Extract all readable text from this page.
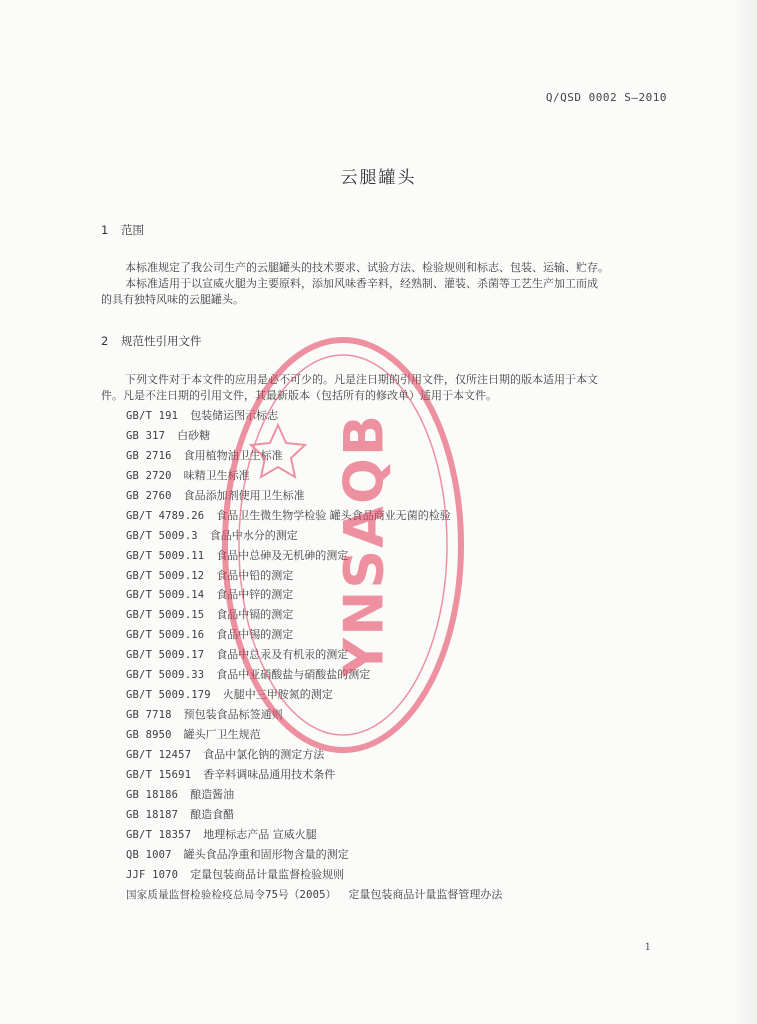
Q/QSD 0002 S—2010
云腿罐头
1 范围
本标准规定了我公司生产的云腿罐头的技术要求、试验方法、检验规则和标志、包装、运输、贮存。
本标准适用于以宣威火腿为主要原料，添加风味香辛料，经熟制、灌装、杀菌等工艺生产加工而成
的具有独特风味的云腿罐头。
2 规范性引用文件
下列文件对于本文件的应用是必不可少的。凡是注日期的引用文件，仅所注日期的版本适用于本文
件。凡是不注日期的引用文件，其最新版本（包括所有的修改单）适用于本文件。
GB/T 191 包装储运图示标志
GB 317 白砂糖
GB 2716 食用植物油卫生标准
GB 2720 味精卫生标准
GB 2760 食品添加剂使用卫生标准
GB/T 4789.26 食品卫生微生物学检验 罐头食品商业无菌的检验
GB/T 5009.3 食品中水分的测定
GB/T 5009.11 食品中总砷及无机砷的测定
GB/T 5009.12 食品中铅的测定
GB/T 5009.14 食品中锌的测定
GB/T 5009.15 食品中镉的测定
GB/T 5009.16 食品中锡的测定
GB/T 5009.17 食品中总汞及有机汞的测定
GB/T 5009.33 食品中亚硝酸盐与硝酸盐的测定
GB/T 5009.179 火腿中三甲胺氮的测定
GB 7718 预包装食品标签通则
GB 8950 罐头厂卫生规范
GB/T 12457 食品中氯化钠的测定方法
GB/T 15691 香辛料调味品通用技术条件
GB 18186 酿造酱油
GB 18187 酿造食醋
GB/T 18357 地理标志产品 宣威火腿
QB 1007 罐头食品净重和固形物含量的测定
JJF 1070 定量包装商品计量监督检验规则
国家质量监督检验检疫总局令75号（2005） 定量包装商品计量监督管理办法
YNSAQB
1
